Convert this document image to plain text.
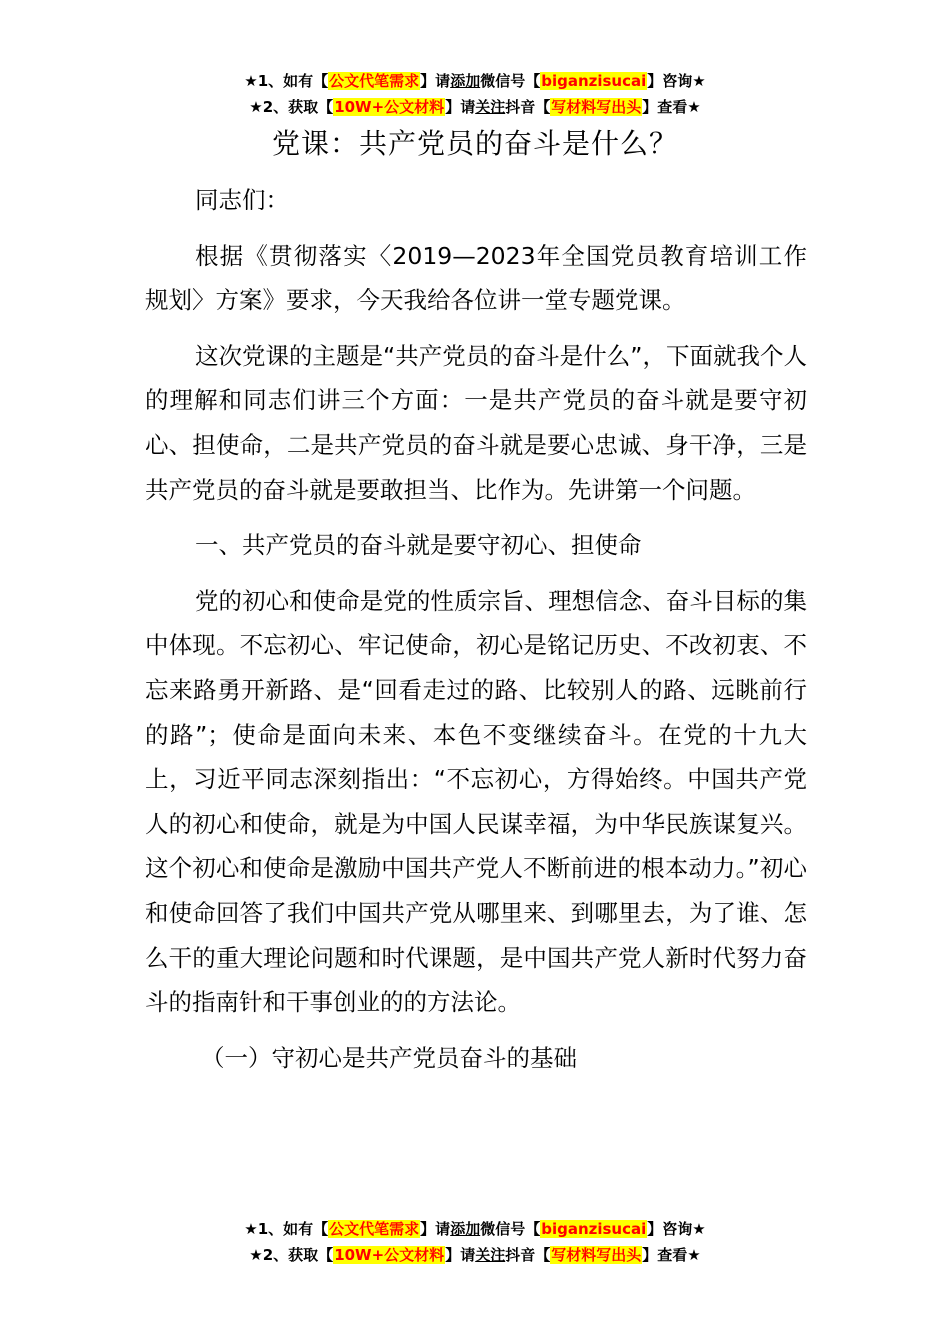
★1、如有【公文代笔需求】请添加微信号【biganzisucai】咨询★
★2、获取【10W+公文材料】请关注抖音【写材料写出头】查看★
党课：共产党员的奋斗是什么？

同志们：

根据《贯彻落实〈2019—2023年全国党员教育培训工作规划〉方案》要求，今天我给各位讲一堂专题党课。

这次党课的主题是“共产党员的奋斗是什么”，下面就我个人的理解和同志们讲三个方面：一是共产党员的奋斗就是要守初心、担使命，二是共产党员的奋斗就是要心忠诚、身干净，三是共产党员的奋斗就是要敢担当、比作为。先讲第一个问题。

一、共产党员的奋斗就是要守初心、担使命

党的初心和使命是党的性质宗旨、理想信念、奋斗目标的集中体现。不忘初心、牢记使命，初心是铭记历史、不改初衷、不忘来路勇开新路、是“回看走过的路、比较别人的路、远眺前行的路”；使命是面向未来、本色不变继续奋斗。在党的十九大上，习近平同志深刻指出：“不忘初心，方得始终。中国共产党人的初心和使命，就是为中国人民谋幸福，为中华民族谋复兴。这个初心和使命是激励中国共产党人不断前进的根本动力。”初心和使命回答了我们中国共产党从哪里来、到哪里去，为了谁、怎么干的重大理论问题和时代课题，是中国共产党人新时代努力奋斗的指南针和干事创业的的方法论。

（一）守初心是共产党员奋斗的基础

★1、如有【公文代笔需求】请添加微信号【biganzisucai】咨询★
★2、获取【10W+公文材料】请关注抖音【写材料写出头】查看★
